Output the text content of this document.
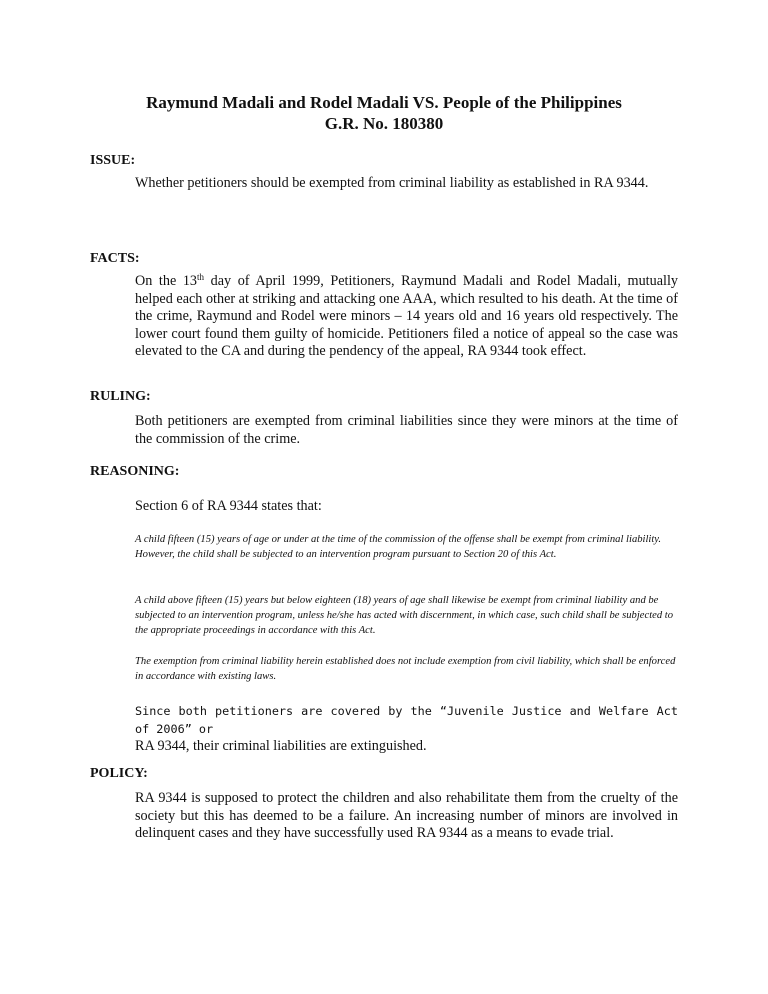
Raymund Madali and Rodel Madali VS. People of the Philippines
G.R. No. 180380
ISSUE:
Whether petitioners should be exempted from criminal liability as established in RA 9344.
FACTS:
On the 13th day of April 1999, Petitioners, Raymund Madali and Rodel Madali, mutually helped each other at striking and attacking one AAA, which resulted to his death. At the time of the crime, Raymund and Rodel were minors – 14 years old and 16 years old respectively. The lower court found them guilty of homicide. Petitioners filed a notice of appeal so the case was elevated to the CA and during the pendency of the appeal, RA 9344 took effect.
RULING:
Both petitioners are exempted from criminal liabilities since they were minors at the time of the commission of the crime.
REASONING:
Section 6 of RA 9344 states that:
A child fifteen (15) years of age or under at the time of the commission of the offense shall be exempt from criminal liability. However, the child shall be subjected to an intervention program pursuant to Section 20 of this Act.
A child above fifteen (15) years but below eighteen (18) years of age shall likewise be exempt from criminal liability and be subjected to an intervention program, unless he/she has acted with discernment, in which case, such child shall be subjected to the appropriate proceedings in accordance with this Act.
The exemption from criminal liability herein established does not include exemption from civil liability, which shall be enforced in accordance with existing laws.
Since both petitioners are covered by the “Juvenile Justice and Welfare Act of 2006” or
RA 9344, their criminal liabilities are extinguished.
POLICY:
RA 9344 is supposed to protect the children and also rehabilitate them from the cruelty of the society but this has deemed to be a failure. An increasing number of minors are involved in delinquent cases and they have successfully used RA 9344 as a means to evade trial.
